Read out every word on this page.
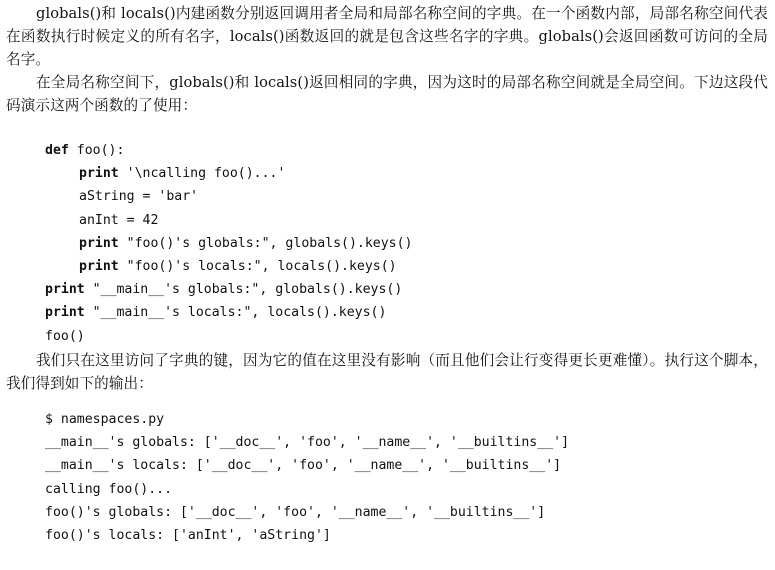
globals()和 locals()内建函数分别返回调用者全局和局部名称空间的字典。在一个函数内部，局部名称空间代表在函数执行时候定义的所有名字，locals()函数返回的就是包含这些名字的字典。globals()会返回函数可访问的全局名字。

在全局名称空间下，globals()和 locals()返回相同的字典，因为这时的局部名称空间就是全局空间。下边这段代码演示这两个函数的了使用：

def foo():
print '\ncalling foo()...'
aString = 'bar'
anInt = 42
print "foo()'s globals:", globals().keys()
print "foo()'s locals:", locals().keys()
print "__main__'s globals:", globals().keys()
print "__main__'s locals:", locals().keys()
foo()

我们只在这里访问了字典的键，因为它的值在这里没有影响（而且他们会让行变得更长更难懂）。执行这个脚本，我们得到如下的输出：

$ namespaces.py
__main__'s globals: ['__doc__', 'foo', '__name__', '__builtins__']
__main__'s locals: ['__doc__', 'foo', '__name__', '__builtins__']
calling foo()...
foo()'s globals: ['__doc__', 'foo', '__name__', '__builtins__']
foo()'s locals: ['anInt', 'aString']
